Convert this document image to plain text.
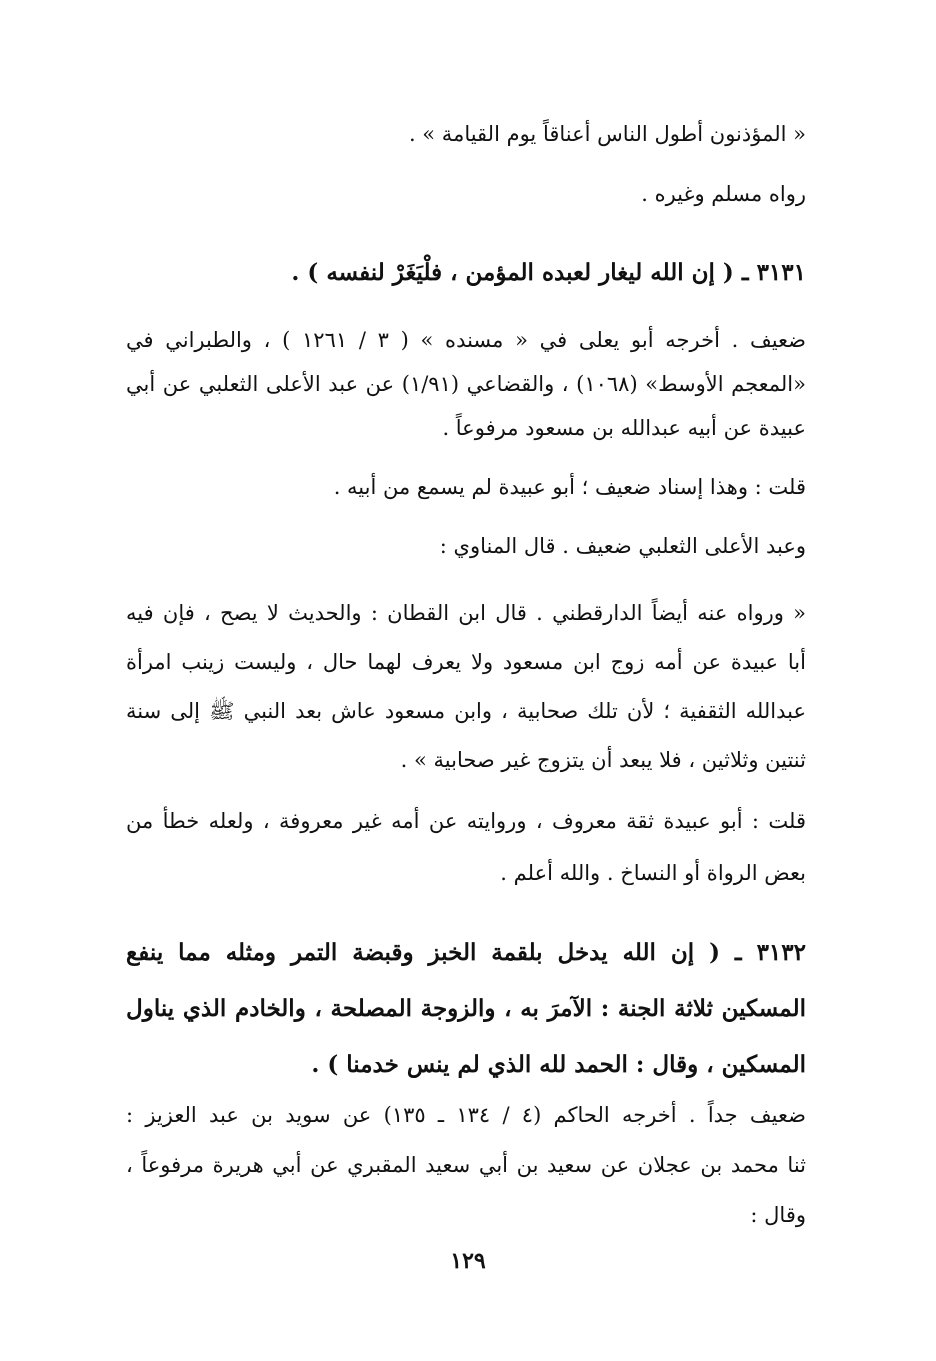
« المؤذنون أطول الناس أعناقاً يوم القيامة » .

رواه مسلم وغيره .

٣١٣١ ـ ( إن الله ليغار لعبده المؤمن ، فلْيَغَرْ لنفسه ) .

ضعيف . أخرجه أبو يعلى في « مسنده » ( ٣ / ١٢٦١ ) ، والطبراني في

«المعجم الأوسط» (١٠٦٨) ، والقضاعي (١/٩١) عن عبد الأعلى الثعلبي عن أبي

عبيدة عن أبيه عبدالله بن مسعود مرفوعاً .

قلت : وهذا إسناد ضعيف ؛ أبو عبيدة لم يسمع من أبيه .

وعبد الأعلى الثعلبي ضعيف . قال المناوي :

« ورواه عنه أيضاً الدارقطني . قال ابن القطان : والحديث لا يصح ، فإن فيه

أبا عبيدة عن أمه زوج ابن مسعود ولا يعرف لهما حال ، وليست زينب امرأة

عبدالله الثقفية ؛ لأن تلك صحابية ، وابن مسعود عاش بعد النبي ﷺ إلى سنة

ثنتين وثلاثين ، فلا يبعد أن يتزوج غير صحابية » .

قلت : أبو عبيدة ثقة معروف ، وروايته عن أمه غير معروفة ، ولعله خطأ من

بعض الرواة أو النساخ . والله أعلم .

٣١٣٢ ـ ( إن الله يدخل بلقمة الخبز وقبضة التمر ومثله مما ينفع

المسكين ثلاثة الجنة : الآمرَ به ، والزوجة المصلحة ، والخادم الذي يناول

المسكين ، وقال : الحمد لله الذي لم ينس خدمنا ) .

ضعيف جداً . أخرجه الحاكم (٤ / ١٣٤ ـ ١٣٥) عن سويد بن عبد العزيز :

ثنا محمد بن عجلان عن سعيد بن أبي سعيد المقبري عن أبي هريرة مرفوعاً ،

وقال :

١٢٩
